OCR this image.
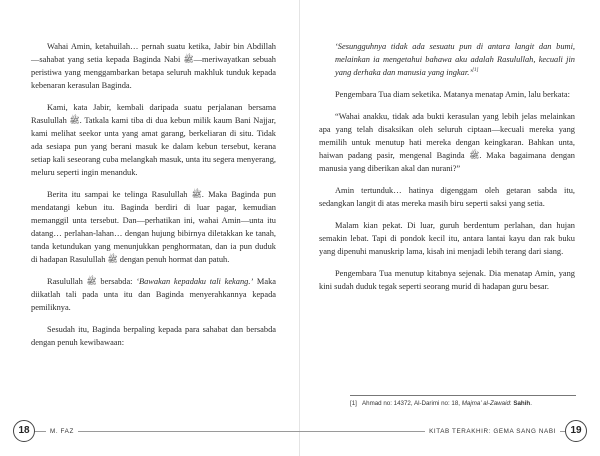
Wahai Amin, ketahuilah… pernah suatu ketika, Jabir bin Abdillah—sahabat yang setia kepada Baginda Nabi ﷺ—meriwayatkan sebuah peristiwa yang menggambarkan betapa seluruh makhluk tunduk kepada kebenaran kerasulan Baginda.

Kami, kata Jabir, kembali daripada suatu perjalanan bersama Rasulullah ﷺ. Tatkala kami tiba di dua kebun milik kaum Bani Najjar, kami melihat seekor unta yang amat garang, berkeliaran di situ. Tidak ada sesiapa pun yang berani masuk ke dalam kebun tersebut, kerana setiap kali seseorang cuba melangkah masuk, unta itu segera menyerang, meluru seperti ingin menanduk.

Berita itu sampai ke telinga Rasulullah ﷺ. Maka Baginda pun mendatangi kebun itu. Baginda berdiri di luar pagar, kemudian memanggil unta tersebut. Dan—perhatikan ini, wahai Amin—unta itu datang… perlahan-lahan… dengan hujung bibirnya diletakkan ke tanah, tanda ketundukan yang menunjukkan penghormatan, dan ia pun duduk di hadapan Rasulullah ﷺ dengan penuh hormat dan patuh.

Rasulullah ﷺ bersabda: ‘Bawakan kepadaku tali kekang.’ Maka diikatlah tali pada unta itu dan Baginda menyerahkannya kepada pemiliknya.

Sesudah itu, Baginda berpaling kepada para sahabat dan bersabda dengan penuh kewibawaan:

18	M. FAZ

‘Sesungguhnya tidak ada sesuatu pun di antara langit dan bumi, melainkan ia mengetahui bahawa aku adalah Rasulullah, kecuali jin yang derhaka dan manusia yang ingkar.’[1]

Pengembara Tua diam seketika. Matanya menatap Amin, lalu berkata:

“Wahai anakku, tidak ada bukti kerasulan yang lebih jelas melainkan apa yang telah disaksikan oleh seluruh ciptaan—kecuali mereka yang memilih untuk menutup hati mereka dengan keingkaran. Bahkan unta, haiwan padang pasir, mengenal Baginda ﷺ. Maka bagaimana dengan manusia yang diberikan akal dan nurani?”

Amin tertunduk… hatinya digenggam oleh getaran sabda itu, sedangkan langit di atas mereka masih biru seperti saksi yang setia.

Malam kian pekat. Di luar, guruh berdentum perlahan, dan hujan semakin lebat. Tapi di pondok kecil itu, antara lantai kayu dan rak buku yang dipenuhi manuskrip lama, kisah ini menjadi lebih terang dari siang.

Pengembara Tua menutup kitabnya sejenak. Dia menatap Amin, yang kini sudah duduk tegak seperti seorang murid di hadapan guru besar.

[1] Ahmad no: 14372, Al-Darimi no: 18, Majma’ al-Zawaid: Sahih.
KITAB TERAKHIR: GEMA SANG NABI	19
